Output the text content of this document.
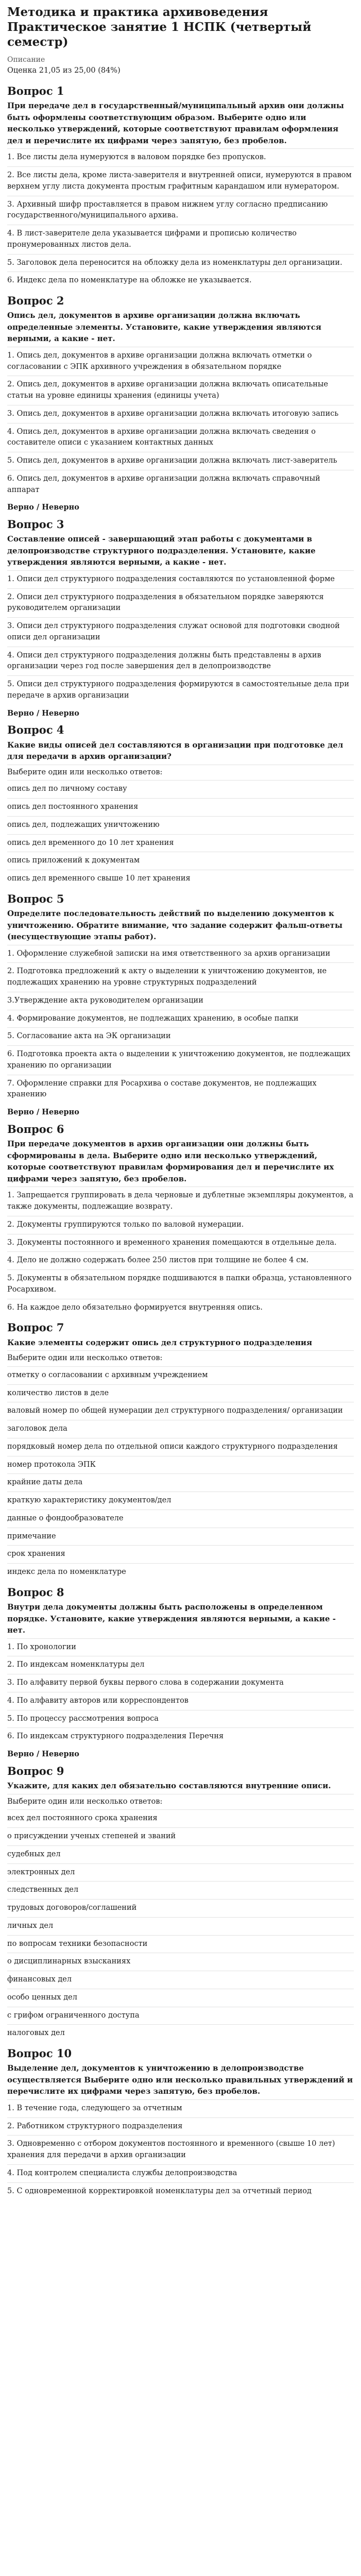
Методика и практика архивоведения Практическое занятие 1 НСПК (четвертый семестр)

Описание

Оценка 21,05 из 25,00 (84%)

Вопрос 1
При передаче дел в государственный/муниципальный архив они должны быть оформлены соответствующим образом. Выберите одно или несколько утверждений, которые соответствуют правилам оформления дел и перечислите их цифрами через запятую, без пробелов.
1. Все листы дела нумеруются в валовом порядке без пропусков.
2. Все листы дела, кроме листа-заверителя и внутренней описи, нумеруются в правом верхнем углу листа документа простым графитным карандашом или нумератором.
3. Архивный шифр проставляется в правом нижнем углу согласно предписанию государственного/муниципального архива.
4. В лист-заверителе дела указывается цифрами и прописью количество пронумерованных листов дела.
5. Заголовок дела переносится на обложку дела из номенклатуры дел организации.
6. Индекс дела по номенклатуре на обложке не указывается.
Вопрос 2
Опись дел, документов в архиве организации должна включать определенные элементы. Установите, какие утверждения являются верными, а какие - нет.
1. Опись дел, документов в архиве организации должна включать отметки о согласовании с ЭПК архивного учреждения в обязательном порядке
2. Опись дел, документов в архиве организации должна включать описательные статьи на уровне единицы хранения (единицы учета)
3. Опись дел, документов в архиве организации должна включать итоговую запись
4. Опись дел, документов в архиве организации должна включать сведения о составителе описи с указанием контактных данных
5. Опись дел, документов в архиве организации должна включать лист-заверитель
6. Опись дел, документов в архиве организации должна включать справочный аппарат
Верно / Неверно
Вопрос 3
Составление описей - завершающий этап работы с документами в делопроизводстве структурного подразделения. Установите, какие утверждения являются верными, а какие - нет.
1. Описи дел структурного подразделения составляются по установленной форме
2. Описи дел структурного подразделения в обязательном порядке заверяются руководителем организации
3. Описи дел структурного подразделения служат основой для подготовки сводной описи дел организации
4. Описи дел структурного подразделения должны быть представлены в архив организации через год после завершения дел в делопроизводстве
5. Описи дел структурного подразделения формируются в самостоятельные дела при передаче в архив организации
Верно / Неверно
Вопрос 4
Какие виды описей дел составляются в организации при подготовке дел для передачи в архив организации?
Выберите один или несколько ответов:
опись дел по личному составу
опись дел постоянного хранения
опись дел, подлежащих уничтожению
опись дел временного до 10 лет хранения
опись приложений к документам
опись дел временного свыше 10 лет хранения
Вопрос 5
Определите последовательность действий по выделению документов к уничтожению. Обратите внимание, что задание содержит фальш-ответы (несуществующие этапы работ).
1. Оформление служебной записки на имя ответственного за архив организации
2. Подготовка предложений к акту о выделении к уничтожению документов, не подлежащих хранению на уровне структурных подразделений
3.Утверждение акта руководителем организации
4. Формирование документов, не подлежащих хранению, в особые папки
5. Согласование акта на ЭК организации
6. Подготовка проекта акта о выделении к уничтожению документов, не подлежащих хранению по организации
7. Оформление справки для Росархива о составе документов, не подлежащих хранению
Верно / Неверно
Вопрос 6
При передаче документов в архив организации они должны быть сформированы в дела. Выберите одно или несколько утверждений, которые соответствуют правилам формирования дел и перечислите их цифрами через запятую, без пробелов.
1. Запрещается группировать в дела черновые и дублетные экземпляры документов, а также документы, подлежащие возврату.
2. Документы группируются только по валовой нумерации.
3. Документы постоянного и временного хранения помещаются в отдельные дела.
4. Дело не должно содержать более 250 листов при толщине не более 4 см.
5. Документы в обязательном порядке подшиваются в папки образца, установленного Росархивом.
6. На каждое дело обязательно формируется внутренняя опись.
Вопрос 7
Какие элементы содержит опись дел структурного подразделения
Выберите один или несколько ответов:
отметку о согласовании с архивным учреждением
количество листов в деле
валовый номер по общей нумерации дел структурного подразделения/ организации
заголовок дела
порядковый номер дела по отдельной описи каждого структурного подразделения
номер протокола ЭПК
крайние даты дела
краткую характеристику документов/дел
данные о фондообразователе
примечание
срок хранения
индекс дела по номенклатуре
Вопрос 8
Внутри дела документы должны быть расположены в определенном порядке. Установите, какие утверждения являются верными, а какие - нет.
1. По хронологии
2. По индексам номенклатуры дел
3. По алфавиту первой буквы первого слова в содержании документа
4. По алфавиту авторов или корреспондентов
5. По процессу рассмотрения вопроса
6. По индексам структурного подразделения Перечня
Верно / Неверно
Вопрос 9
Укажите, для каких дел обязательно составляются внутренние описи.
Выберите один или несколько ответов:
всех дел постоянного срока хранения
о присуждении ученых степеней и званий
судебных дел
электронных дел
следственных дел
трудовых договоров/соглашений
личных дел
по вопросам техники безопасности
о дисциплинарных взысканиях
финансовых дел
особо ценных дел
с грифом ограниченного доступа
налоговых дел
Вопрос 10
Выделение дел, документов к уничтожению в делопроизводстве осуществляется Выберите одно или несколько правильных утверждений и перечислите их цифрами через запятую, без пробелов.
1. В течение года, следующего за отчетным
2. Работником структурного подразделения
3. Одновременно с отбором документов постоянного и временного (свыше 10 лет) хранения для передачи в архив организации
4. Под контролем специалиста службы делопроизводства
5. С одновременной корректировкой номенклатуры дел за отчетный период
